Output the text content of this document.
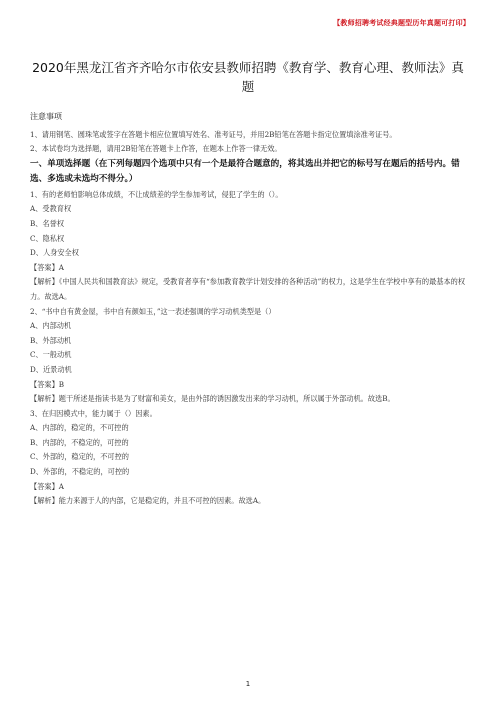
【教师招聘考试经典题型历年真题可打印】
2020年黑龙江省齐齐哈尔市依安县教师招聘《教育学、教育心理、教师法》真题

注意事项

1、请用钢笔、圆珠笔或签字在答题卡相应位置填写姓名、准考证号，并用2B铅笔在答题卡指定位置填涂准考证号。

2、本试卷均为选择题，请用2B铅笔在答题卡上作答，在题本上作答一律无效。

一、单项选择题（在下列每题四个选项中只有一个是最符合题意的，将其选出并把它的标号写在题后的括号内。错选、多选或未选均不得分。）

1、有的老师怕影响总体成绩，不让成绩差的学生参加考试，侵犯了学生的（）。

A、受教育权

B、名誉权

C、隐私权

D、人身安全权

【答案】A

【解析】《中国人民共和国教育法》规定，受教育者享有“参加教育教学计划安排的各种活动”的权力，这是学生在学校中享有的最基本的权力。故选A。

2、“书中自有黄金屋，书中自有颜如玉，”这一表述强调的学习动机类型是（）

A、内部动机

B、外部动机

C、一般动机

D、近景动机

【答案】B

【解析】题干所述是指读书是为了财富和美女，是由外部的诱因激发出来的学习动机，所以属于外部动机。故选B。

3、在归因模式中，能力属于（）因素。

A、内部的，稳定的，不可控的

B、内部的，不稳定的，可控的

C、外部的，稳定的，不可控的

D、外部的，不稳定的，可控的

【答案】A

【解析】能力来源于人的内部，它是稳定的，并且不可控的因素。故选A。

1
